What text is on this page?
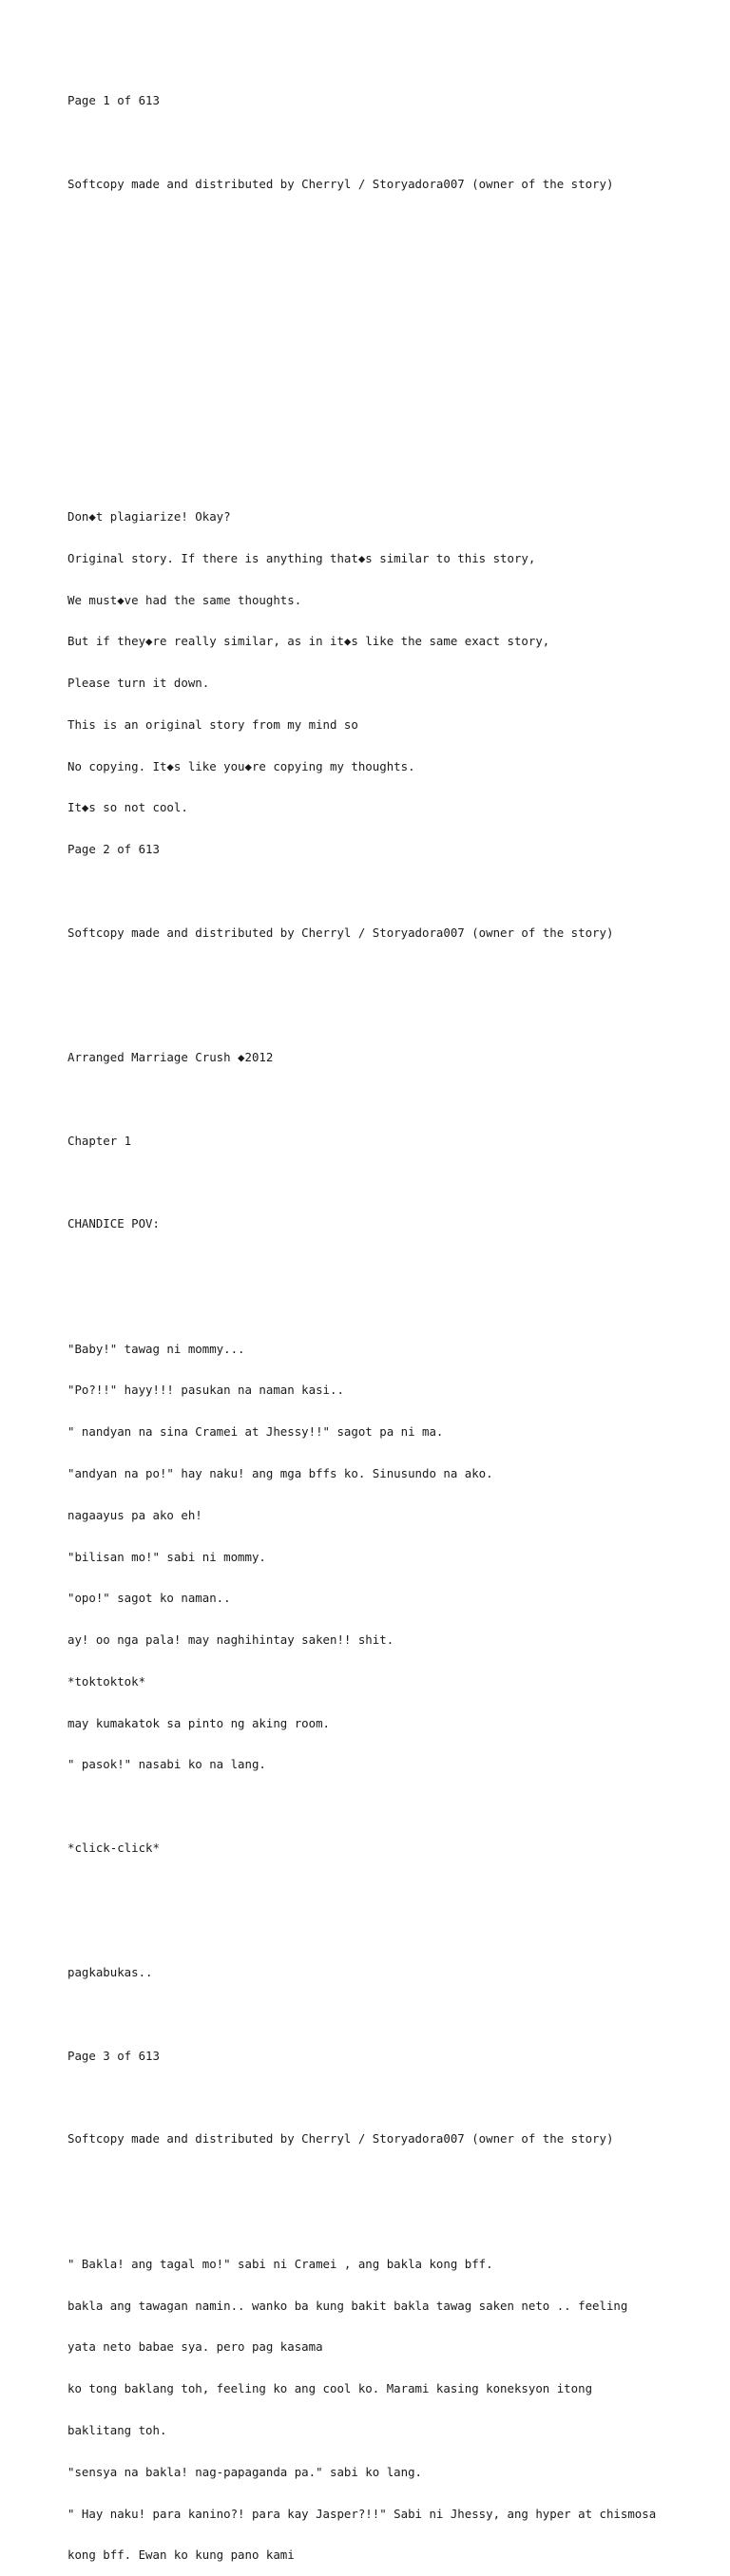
Page 1 of 613

Softcopy made and distributed by Cherryl / Storyadora007 (owner of the story)

Don◆t plagiarize! Okay?

Original story. If there is anything that◆s similar to this story,

We must◆ve had the same thoughts.

But if they◆re really similar, as in it◆s like the same exact story,

Please turn it down.

This is an original story from my mind so

No copying. It◆s like you◆re copying my thoughts.

It◆s so not cool.

Page 2 of 613

Softcopy made and distributed by Cherryl / Storyadora007 (owner of the story)

Arranged Marriage Crush ◆2012

Chapter 1

CHANDICE POV:

"Baby!" tawag ni mommy...

"Po?!!" hayy!!! pasukan na naman kasi..

" nandyan na sina Cramei at Jhessy!!" sagot pa ni ma.

"andyan na po!" hay naku! ang mga bffs ko. Sinusundo na ako.

nagaayus pa ako eh!

"bilisan mo!" sabi ni mommy.

"opo!" sagot ko naman..

ay! oo nga pala! may naghihintay saken!! shit.

*toktoktok*

may kumakatok sa pinto ng aking room.

" pasok!" nasabi ko na lang.

*click-click*

pagkabukas..

Page 3 of 613

Softcopy made and distributed by Cherryl / Storyadora007 (owner of the story)

" Bakla! ang tagal mo!" sabi ni Cramei , ang bakla kong bff.

bakla ang tawagan namin.. wanko ba kung bakit bakla tawag saken neto .. feeling

yata neto babae sya. pero pag kasama

ko tong baklang toh, feeling ko ang cool ko. Marami kasing koneksyon itong

baklitang toh.

"sensya na bakla! nag-papaganda pa." sabi ko lang.

" Hay naku! para kanino?! para kay Jasper?!!" Sabi ni Jhessy, ang hyper at chismosa

kong bff. Ewan ko kung pano kami
